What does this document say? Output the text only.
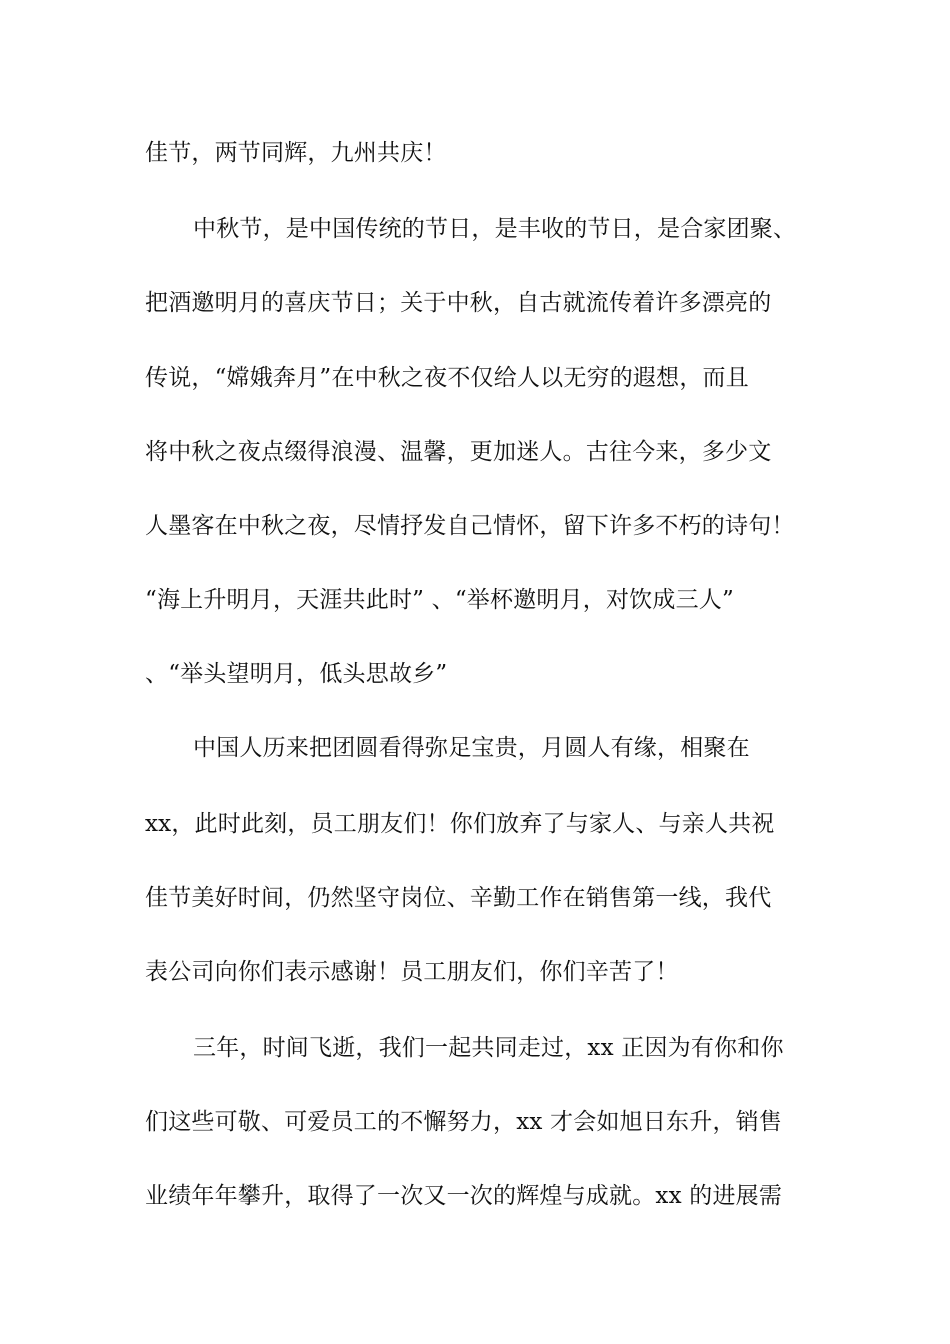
佳节，两节同辉，九州共庆！
中秋节，是中国传统的节日，是丰收的节日，是合家团聚、
把酒邀明月的喜庆节日；关于中秋，自古就流传着许多漂亮的
传说，“嫦娥奔月”在中秋之夜不仅给人以无穷的遐想，而且
将中秋之夜点缀得浪漫、温馨，更加迷人。古往今来，多少文
人墨客在中秋之夜，尽情抒发自己情怀，留下许多不朽的诗句！
“海上升明月，天涯共此时” 、“举杯邀明月，对饮成三人”
、“举头望明月，低头思故乡”
中国人历来把团圆看得弥足宝贵，月圆人有缘，相聚在
xx，此时此刻，员工朋友们！你们放弃了与家人、与亲人共祝
佳节美好时间，仍然坚守岗位、辛勤工作在销售第一线，我代
表公司向你们表示感谢！员工朋友们，你们辛苦了！
三年，时间飞逝，我们一起共同走过，xx 正因为有你和你
们这些可敬、可爱员工的不懈努力，xx 才会如旭日东升，销售
业绩年年攀升，取得了一次又一次的辉煌与成就。xx 的进展需
